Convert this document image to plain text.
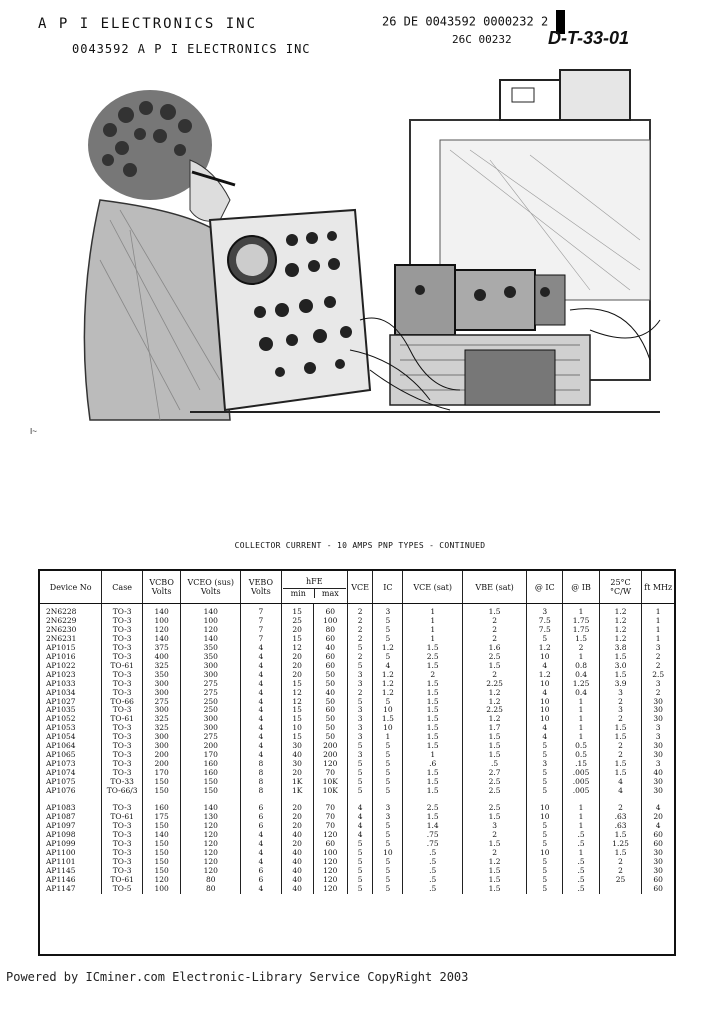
A P I ELECTRONICS INC
0043592 A P I ELECTRONICS INC
26 DE 0043592 0000232 2
26C 00232 D-T-33-01
I~
COLLECTOR CURRENT - 10 AMPS PNP TYPES - CONTINUED
Device No	Case	VCBO Volts	VCEO (sus) Volts	VEBO Volts	hFE
min max		VCE	IC	VCE (sat)	VBE (sat)	@ IC	@ IB	25°C °C/W	ft MHz
2N6228	TO-3	140	140	7	15	60	2	3	1	1.5	3	1	1.2	1
2N6229	TO-3	100	100	7	25	100	2	5	1	2	7.5	1.75	1.2	1
2N6230	TO-3	120	120	7	20	80	2	5	1	2	7.5	1.75	1.2	1
2N6231	TO-3	140	140	7	15	60	2	5	1	2	5	1.5	1.2	1
AP1015	TO-3	375	350	4	12	40	5	1.2	1.5	1.6	1.2	2	3.8	3
AP1016	TO-3	400	350	4	20	60	2	5	2.5	2.5	10	1	1.5	2
AP1022	TO-61	325	300	4	20	60	5	4	1.5	1.5	4	0.8	3.0	2
AP1023	TO-3	350	300	4	20	50	3	1.2	2	2	1.2	0.4	1.5	2.5
AP1033	TO-3	300	275	4	15	50	3	1.2	1.5	2.25	10	1.25	3.9	3
AP1034	TO-3	300	275	4	12	40	2	1.2	1.5	1.2	4	0.4	3	2
AP1027	TO-66	275	250	4	12	50	5	5	1.5	1.2	10	1	2	30
AP1035	TO-3	300	250	4	15	60	3	10	1.5	2.25	10	1	3	30
AP1052	TO-61	325	300	4	15	50	3	1.5	1.5	1.2	10	1	2	30
AP1053	TO-3	325	300	4	10	50	3	10	1.5	1.7	4	1	1.5	3
AP1054	TO-3	300	275	4	15	50	3	1	1.5	1.5	4	1	1.5	3
AP1064	TO-3	300	200	4	30	200	5	5	1.5	1.5	5	0.5	2	30
AP1065	TO-3	200	170	4	40	200	3	5	1	1.5	5	0.5	2	30
AP1073	TO-3	200	160	8	30	120	5	5	.6	.5	3	.15	1.5	3
AP1074	TO-3	170	160	8	20	70	5	5	1.5	2.7	5	.005	1.5	40
AP1075	TO-33	150	150	8	1K	10K	5	5	1.5	2.5	5	.005	4	30
AP1076	TO-66/3	150	150	8	1K	10K	5	5	1.5	2.5	5	.005	4	30

AP1083	TO-3	160	140	6	20	70	4	3	2.5	2.5	10	1	2	4
AP1087	TO-61	175	130	6	20	70	4	3	1.5	1.5	10	1	.63	20
AP1097	TO-3	150	120	6	20	70	4	5	1.4	3	5	1	.63	4
AP1098	TO-3	140	120	4	40	120	4	5	.75	2	5	.5	1.5	60
AP1099	TO-3	150	120	4	20	60	5	5	.75	1.5	5	.5	1.25	60
AP1100	TO-3	150	120	4	40	100	5	10	.5	2	10	1	1.5	30
AP1101	TO-3	150	120	4	40	120	5	5	.5	1.2	5	.5	2	30
AP1145	TO-3	150	120	6	40	120	5	5	.5	1.5	5	.5	2	30
AP1146	TO-61	120	80	6	40	120	5	5	.5	1.5	5	.5	25	60
AP1147	TO-5	100	80	4	40	120	5	5	.5	1.5	5	.5		60
Powered by ICminer.com Electronic-Library Service CopyRight 2003
